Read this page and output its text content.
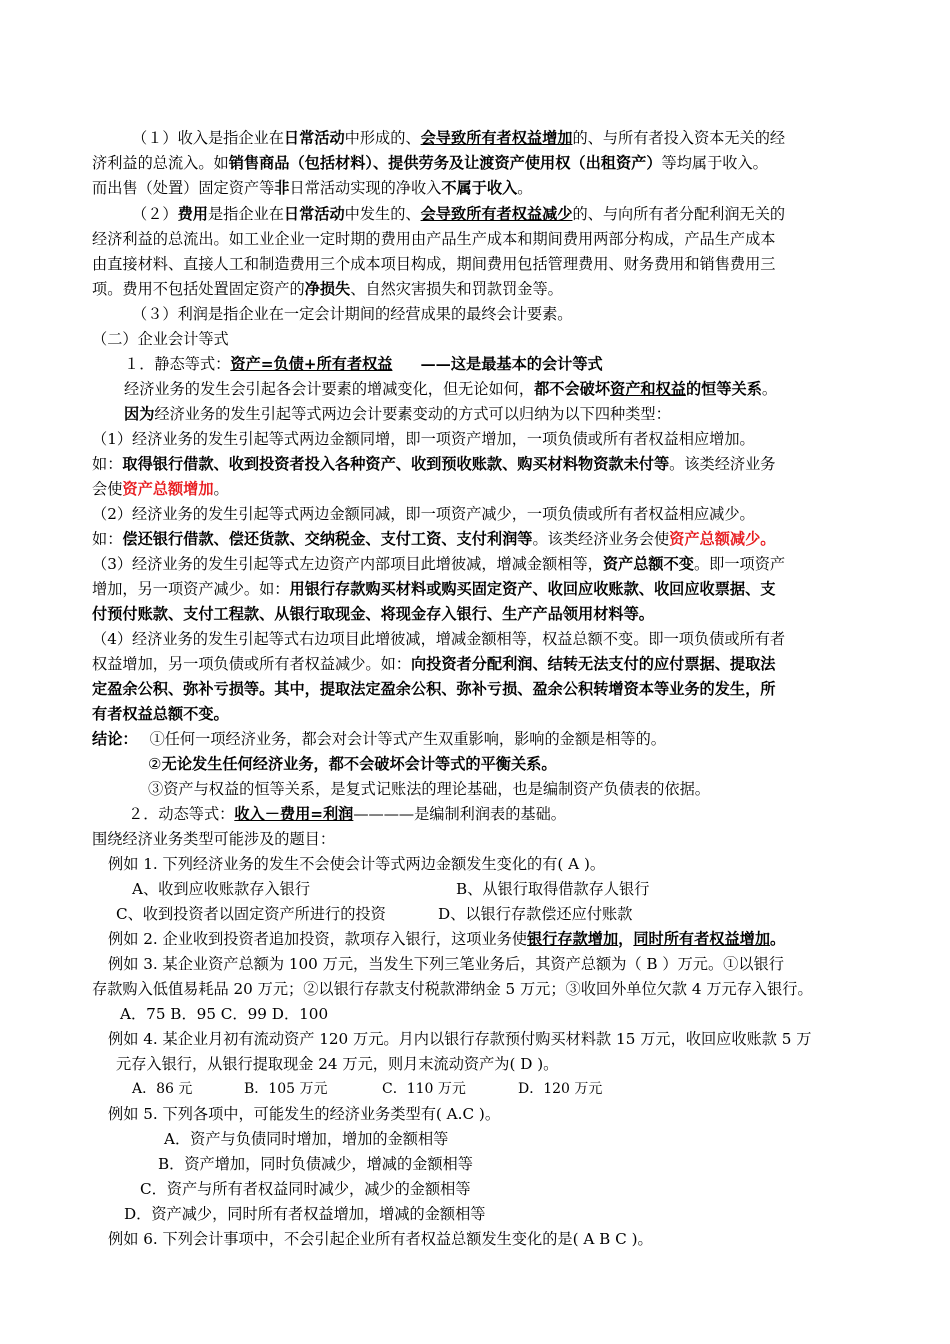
（１）收入是指企业在日常活动中形成的、会导致所有者权益增加的、与所有者投入资本无关的经
济利益的总流入。如销售商品（包括材料）、提供劳务及让渡资产使用权（出租资产）等均属于收入。
而出售（处置）固定资产等非日常活动实现的净收入不属于收入。
（２）费用是指企业在日常活动中发生的、会导致所有者权益减少的、与向所有者分配利润无关的
经济利益的总流出。如工业企业一定时期的费用由产品生产成本和期间费用两部分构成，产品生产成本
由直接材料、直接人工和制造费用三个成本项目构成，期间费用包括管理费用、财务费用和销售费用三
项。费用不包括处置固定资产的净损失、自然灾害损失和罚款罚金等。
（３）利润是指企业在一定会计期间的经营成果的最终会计要素。
（二）企业会计等式
１．静态等式：资产=负债+所有者权益 ——这是最基本的会计等式
经济业务的发生会引起各会计要素的增减变化，但无论如何，都不会破坏资产和权益的恒等关系。
因为经济业务的发生引起等式两边会计要素变动的方式可以归纳为以下四种类型：
（1）经济业务的发生引起等式两边金额同增，即一项资产增加，一项负债或所有者权益相应增加。
如：取得银行借款、收到投资者投入各种资产、收到预收账款、购买材料物资款未付等。该类经济业务
会使资产总额增加。
（2）经济业务的发生引起等式两边金额同减，即一项资产减少，一项负债或所有者权益相应减少。
如：偿还银行借款、偿还货款、交纳税金、支付工资、支付利润等。该类经济业务会使资产总额减少。
（3）经济业务的发生引起等式左边资产内部项目此增彼减，增减金额相等，资产总额不变。即一项资产
增加，另一项资产减少。如：用银行存款购买材料或购买固定资产、收回应收账款、收回应收票据、支
付预付账款、支付工程款、从银行取现金、将现金存入银行、生产产品领用材料等。
（4）经济业务的发生引起等式右边项目此增彼减，增减金额相等，权益总额不变。即一项负债或所有者
权益增加，另一项负债或所有者权益减少。如：向投资者分配利润、结转无法支付的应付票据、提取法
定盈余公积、弥补亏损等。其中，提取法定盈余公积、弥补亏损、盈余公积转增资本等业务的发生，所
有者权益总额不变。
结论： ①任何一项经济业务，都会对会计等式产生双重影响，影响的金额是相等的。
②无论发生任何经济业务，都不会破坏会计等式的平衡关系。
③资产与权益的恒等关系，是复式记账法的理论基础，也是编制资产负债表的依据。
２．动态等式：收入－费用=利润————是编制利润表的基础。
围绕经济业务类型可能涉及的题目：
例如 1. 下列经济业务的发生不会使会计等式两边金额发生变化的有( A )。
A、收到应收账款存入银行	B、从银行取得借款存人银行
C、收到投资者以固定资产所进行的投资	D、以银行存款偿还应付账款
例如 2. 企业收到投资者追加投资，款项存入银行，这项业务使银行存款增加，同时所有者权益增加。
例如 3. 某企业资产总额为 100 万元，当发生下列三笔业务后，其资产总额为（ B ）万元。①以银行
存款购入低值易耗品 20 万元；②以银行存款支付税款滞纳金 5 万元；③收回外单位欠款 4 万元存入银行。
A．75 B．95 C．99 D．100
例如 4. 某企业月初有流动资产 120 万元。月内以银行存款预付购买材料款 15 万元，收回应收账款 5 万
元存入银行，从银行提取现金 24 万元，则月末流动资产为( D )。
A．86 元	B．105 万元	C．110 万元	D．120 万元
例如 5. 下列各项中，可能发生的经济业务类型有( A.C )。
A．资产与负债同时增加，增加的金额相等
B．资产增加，同时负债减少，增减的金额相等
C．资产与所有者权益同时减少，减少的金额相等
D．资产减少，同时所有者权益增加，增减的金额相等
例如 6. 下列会计事项中，不会引起企业所有者权益总额发生变化的是( A B C )。
